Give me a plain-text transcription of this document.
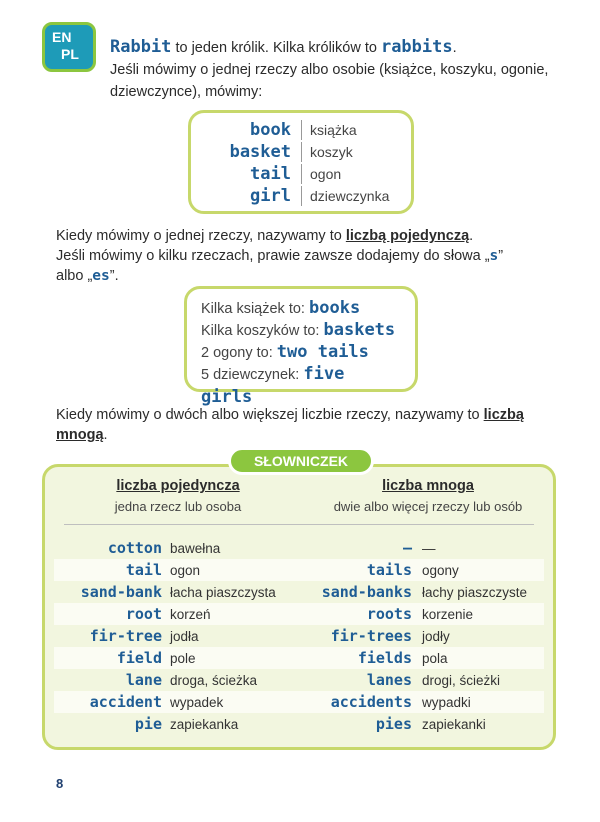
EN
PL	Rabbit to jeden królik. Kilka królików to rabbits.
Jeśli mówimy o jednej rzeczy albo osobie (książce, koszyku, ogonie, dziewczynce), mówimy:
book	książka
basket	koszyk
tail	ogon
girl	dziewczynka
Kiedy mówimy o jednej rzeczy, nazywamy to liczbą pojedynczą.
Jeśli mówimy o kilku rzeczach, prawie zawsze dodajemy do słowa „s”
albo „es”.
Kilka książek to: books
Kilka koszyków to: baskets
2 ogony to: two tails
5 dziewczynek: five girls
Kiedy mówimy o dwóch albo większej liczbie rzeczy, nazywamy to liczbą mnogą.
SŁOWNICZEK
liczba pojedyncza
jedna rzecz lub osoba
liczba mnoga
dwie albo więcej rzeczy lub osób
cotton bawełna	— —
tail ogon	tails ogony
sand-bank łacha piaszczysta	sand-banks łachy piaszczyste
root korzeń	roots korzenie
fir-tree jodła	fir-trees jodły
field pole	fields pola
lane droga, ścieżka	lanes drogi, ścieżki
accident wypadek	accidents wypadki
pie zapiekanka	pies zapiekanki
8
